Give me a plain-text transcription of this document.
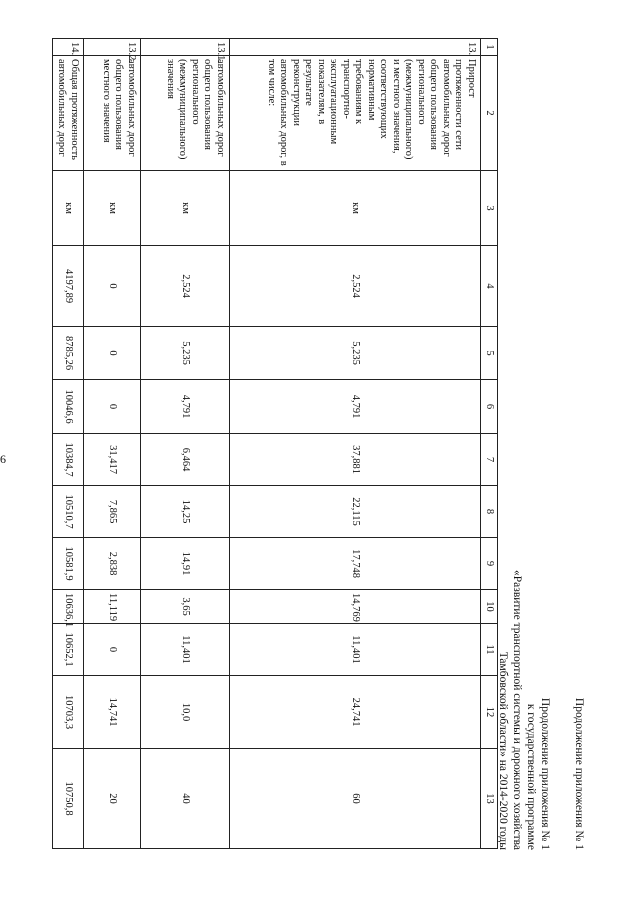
6
Продолжение приложения № 1
Продолжение приложения № 1
к государственной программе
«Развитие транспортной системы и дорожного хозяйства
Тамбовской области» на 2014-2020 годы
1	2	3	4	5	6	7	8	9	10	11	12	13
13.	Прирост протяженности сети автомобильных дорог общего пользования регионального (межмуниципального) и местного значения, соответствующих нормативным требованиям к транспортно-эксплуатационным показателям, в результате реконструкции автомобильных дорог, в том числе:	км	2,524	5,235	4,791	37,881	22,115	17,748	14,769	11,401	24,741	60
13.1.	автомобильных дорог общего пользования регионального (межмуниципального) значения	км	2,524	5,235	4,791	6,464	14,25	14,91	3,65	11,401	10,0	40
13.2.	автомобильных дорог общего пользования местного значения	км	0	0	0	31,417	7,865	2,838	11,119	0	14,741	20
14.	Общая протяженность автомобильных дорог	км	4197,89	8785,26	10046,6	10384,7	10510,7	10581,9	10636,1	10652,1	10703,3	10750,8
